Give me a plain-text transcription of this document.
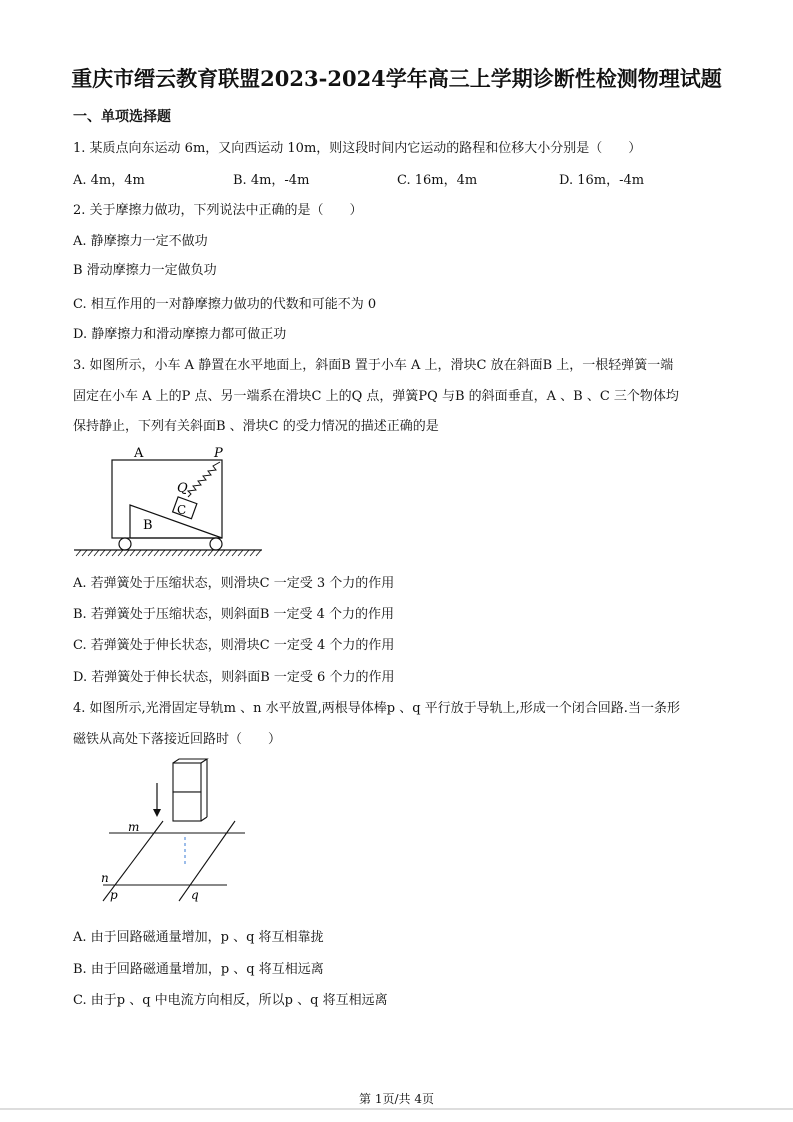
重庆市缙云教育联盟2023-2024学年高三上学期诊断性检测物理试题
一、单项选择题
1. 某质点向东运动 6m，又向西运动 10m，则这段时间内它运动的路程和位移大小分别是（　　）
A. 4m，4m	B. 4m，-4m	C. 16m，4m	D. 16m，-4m
2. 关于摩擦力做功，下列说法中正确的是（　　）
A. 静摩擦力一定不做功
B 滑动摩擦力一定做负功
C. 相互作用的一对静摩擦力做功的代数和可能不为 0
D. 静摩擦力和滑动摩擦力都可做正功
3. 如图所示，小车 A 静置在水平地面上，斜面B 置于小车 A 上，滑块C 放在斜面B 上，一根轻弹簧一端
固定在小车 A 上的P 点、另一端系在滑块C 上的Q 点，弹簧PQ 与B 的斜面垂直，A 、B 、C 三个物体均
保持静止，下列有关斜面B 、滑块C 的受力情况的描述正确的是
A	P
Q
C
B
A. 若弹簧处于压缩状态，则滑块C 一定受 3 个力的作用
B. 若弹簧处于压缩状态，则斜面B 一定受 4 个力的作用
C. 若弹簧处于伸长状态，则滑块C 一定受 4 个力的作用
D. 若弹簧处于伸长状态，则斜面B 一定受 6 个力的作用
4. 如图所示,光滑固定导轨m 、n 水平放置,两根导体棒p 、q 平行放于导轨上,形成一个闭合回路.当一条形
磁铁从高处下落接近回路时（　　）
m
n
p	q
A. 由于回路磁通量增加，p 、q 将互相靠拢
B. 由于回路磁通量增加，p 、q 将互相远离
C. 由于p 、q 中电流方向相反，所以p 、q 将互相远离
第 1页/共 4页
